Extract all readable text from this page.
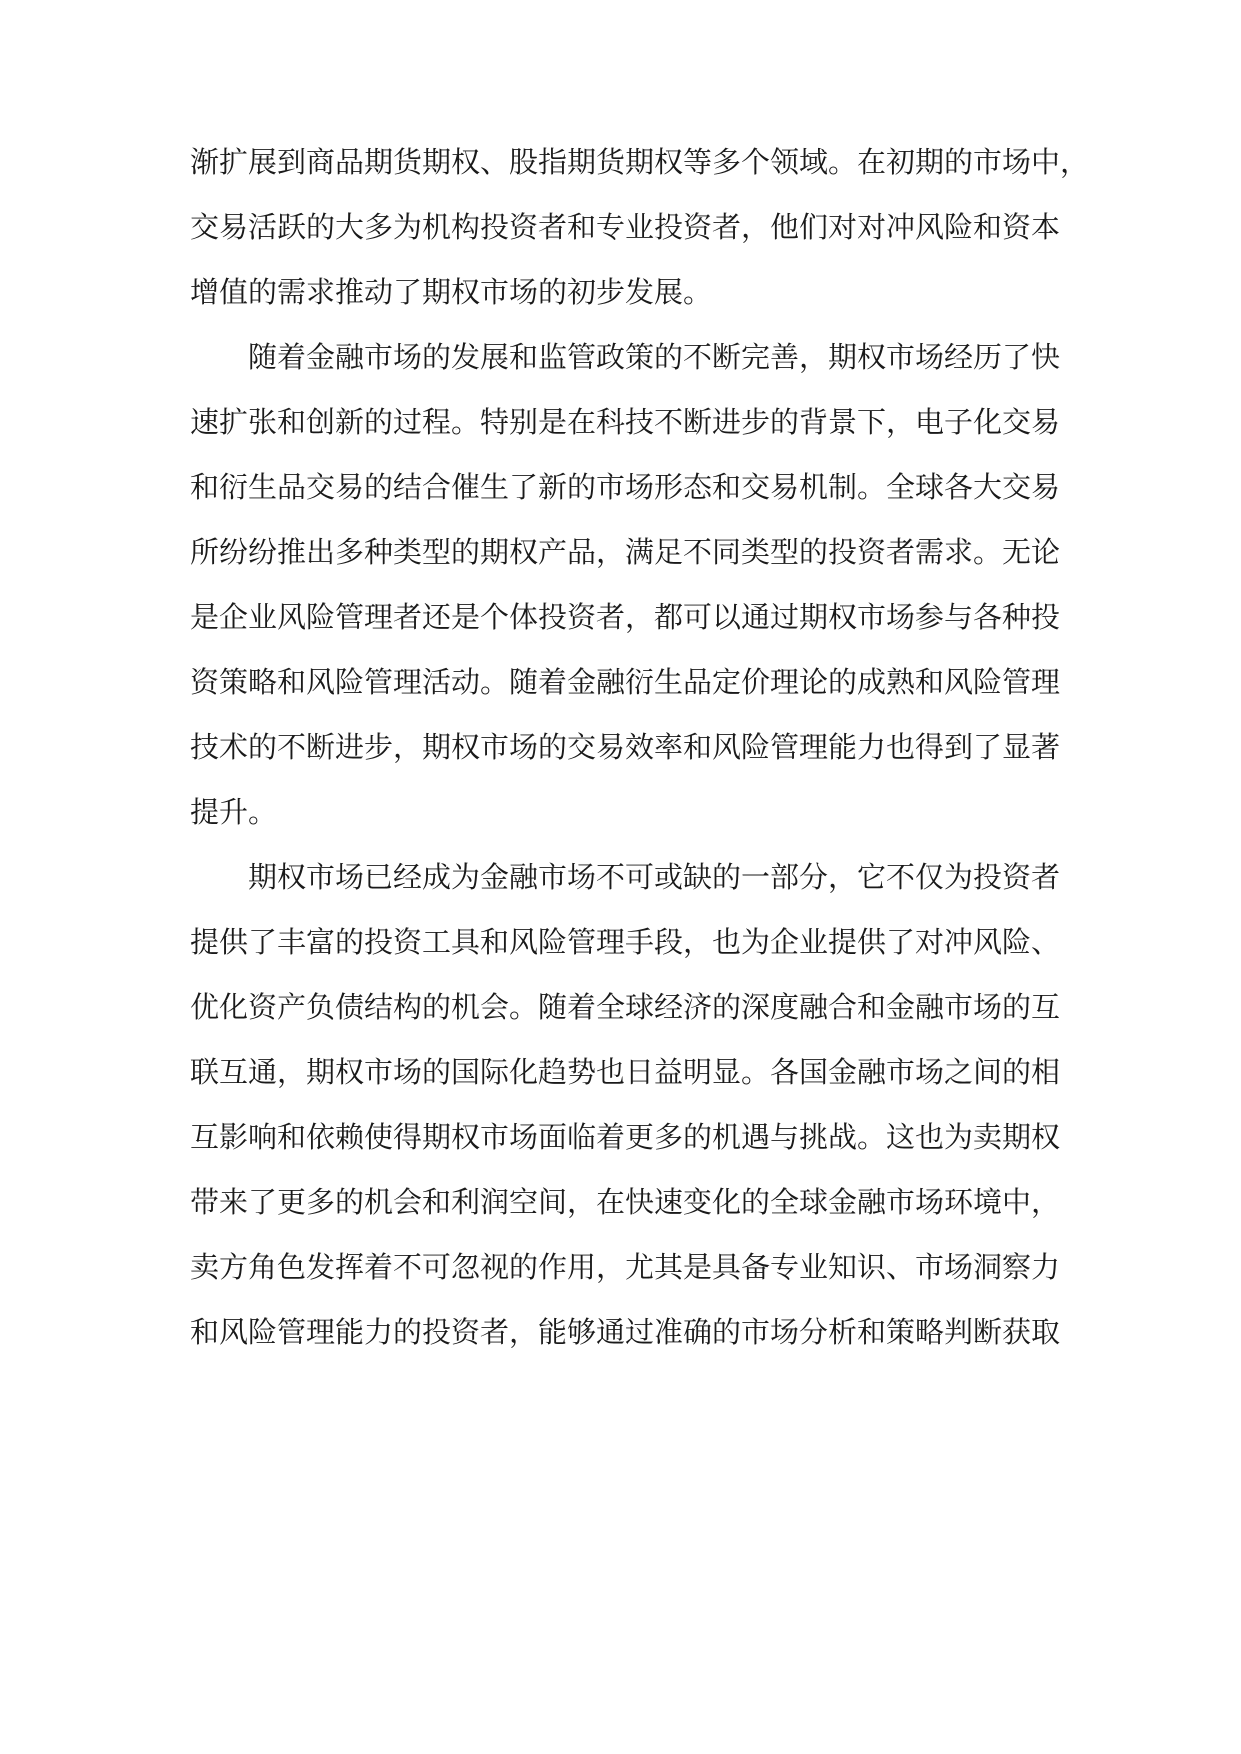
渐扩展到商品期货期权、股指期货期权等多个领域。在初期的市场中，
交易活跃的大多为机构投资者和专业投资者，他们对对冲风险和资本
增值的需求推动了期权市场的初步发展。
随着金融市场的发展和监管政策的不断完善，期权市场经历了快
速扩张和创新的过程。特别是在科技不断进步的背景下，电子化交易
和衍生品交易的结合催生了新的市场形态和交易机制。全球各大交易
所纷纷推出多种类型的期权产品，满足不同类型的投资者需求。无论
是企业风险管理者还是个体投资者，都可以通过期权市场参与各种投
资策略和风险管理活动。随着金融衍生品定价理论的成熟和风险管理
技术的不断进步，期权市场的交易效率和风险管理能力也得到了显著
提升。
期权市场已经成为金融市场不可或缺的一部分，它不仅为投资者
提供了丰富的投资工具和风险管理手段，也为企业提供了对冲风险、
优化资产负债结构的机会。随着全球经济的深度融合和金融市场的互
联互通，期权市场的国际化趋势也日益明显。各国金融市场之间的相
互影响和依赖使得期权市场面临着更多的机遇与挑战。这也为卖期权
带来了更多的机会和利润空间，在快速变化的全球金融市场环境中，
卖方角色发挥着不可忽视的作用，尤其是具备专业知识、市场洞察力
和风险管理能力的投资者，能够通过准确的市场分析和策略判断获取
